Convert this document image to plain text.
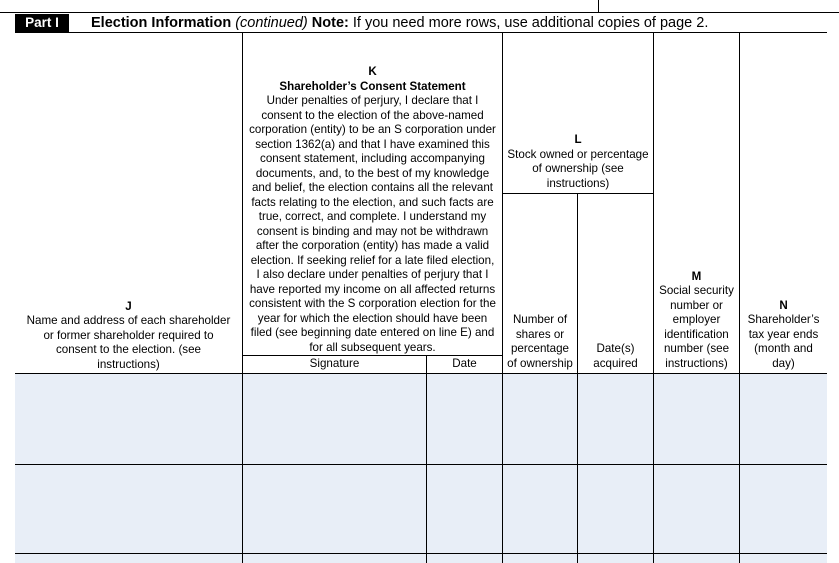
Part I	Election Information (continued) Note: If you need more rows, use additional copies of page 2.
J
Name and address of each shareholder or former shareholder required to consent to the election. (see instructions)
K
Shareholder’s Consent Statement
Under penalties of perjury, I declare that I consent to the election of the above-named corporation (entity) to be an S corporation under section 1362(a) and that I have examined this consent statement, including accompanying documents, and, to the best of my knowledge and belief, the election contains all the relevant facts relating to the election, and such facts are true, correct, and complete. I understand my consent is binding and may not be withdrawn after the corporation (entity) has made a valid election. If seeking relief for a late filed election, I also declare under penalties of perjury that I have reported my income on all affected returns consistent with the S corporation election for the year for which the election should have been filed (see beginning date entered on line E) and for all subsequent years.
Signature	Date
L
Stock owned or percentage of ownership (see instructions)
Number of shares or percentage of ownership
Date(s) acquired
M
Social security number or employer identification number (see instructions)
N
Shareholder’s tax year ends (month and day)
